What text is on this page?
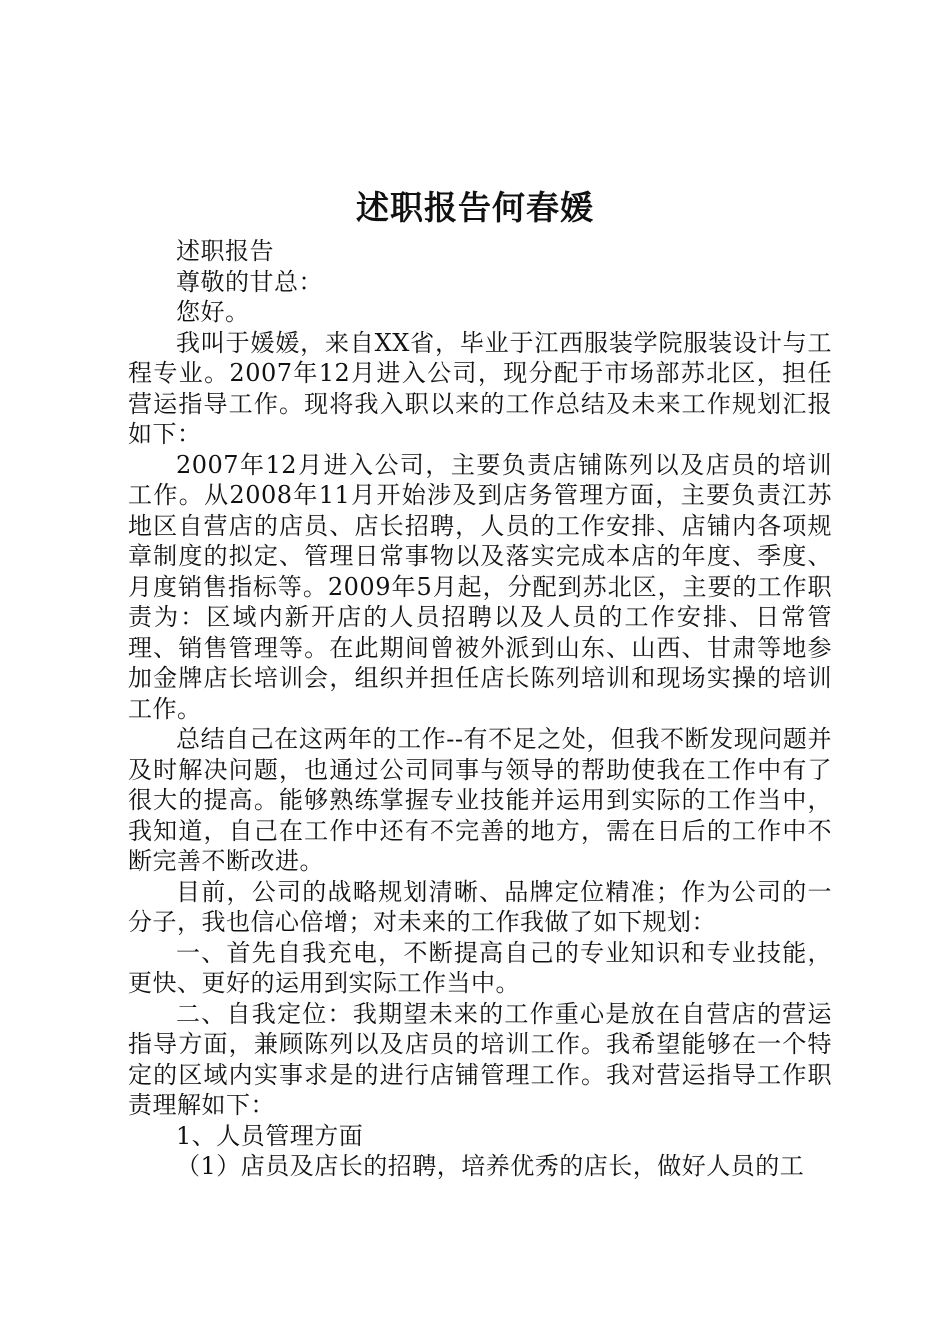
述职报告何春媛

述职报告

尊敬的甘总：

您好。

我叫于媛媛，来自XX省，毕业于江西服装学院服装设计与工程专业。2007年12月进入公司，现分配于市场部苏北区，担任营运指导工作。现将我入职以来的工作总结及未来工作规划汇报如下：

2007年12月进入公司，主要负责店铺陈列以及店员的培训工作。从2008年11月开始涉及到店务管理方面，主要负责江苏地区自营店的店员、店长招聘，人员的工作安排、店铺内各项规章制度的拟定、管理日常事物以及落实完成本店的年度、季度、月度销售指标等。2009年5月起，分配到苏北区，主要的工作职责为：区域内新开店的人员招聘以及人员的工作安排、日常管理、销售管理等。在此期间曾被外派到山东、山西、甘肃等地参加金牌店长培训会，组织并担任店长陈列培训和现场实操的培训工作。

总结自己在这两年的工作--有不足之处，但我不断发现问题并及时解决问题，也通过公司同事与领导的帮助使我在工作中有了很大的提高。能够熟练掌握专业技能并运用到实际的工作当中，我知道，自己在工作中还有不完善的地方，需在日后的工作中不断完善不断改进。

目前，公司的战略规划清晰、品牌定位精准；作为公司的一分子，我也信心倍增；对未来的工作我做了如下规划：

一、首先自我充电，不断提高自己的专业知识和专业技能，更快、更好的运用到实际工作当中。

二、自我定位：我期望未来的工作重心是放在自营店的营运指导方面，兼顾陈列以及店员的培训工作。我希望能够在一个特定的区域内实事求是的进行店铺管理工作。我对营运指导工作职责理解如下：

1、人员管理方面

（1）店员及店长的招聘，培养优秀的店长，做好人员的工
